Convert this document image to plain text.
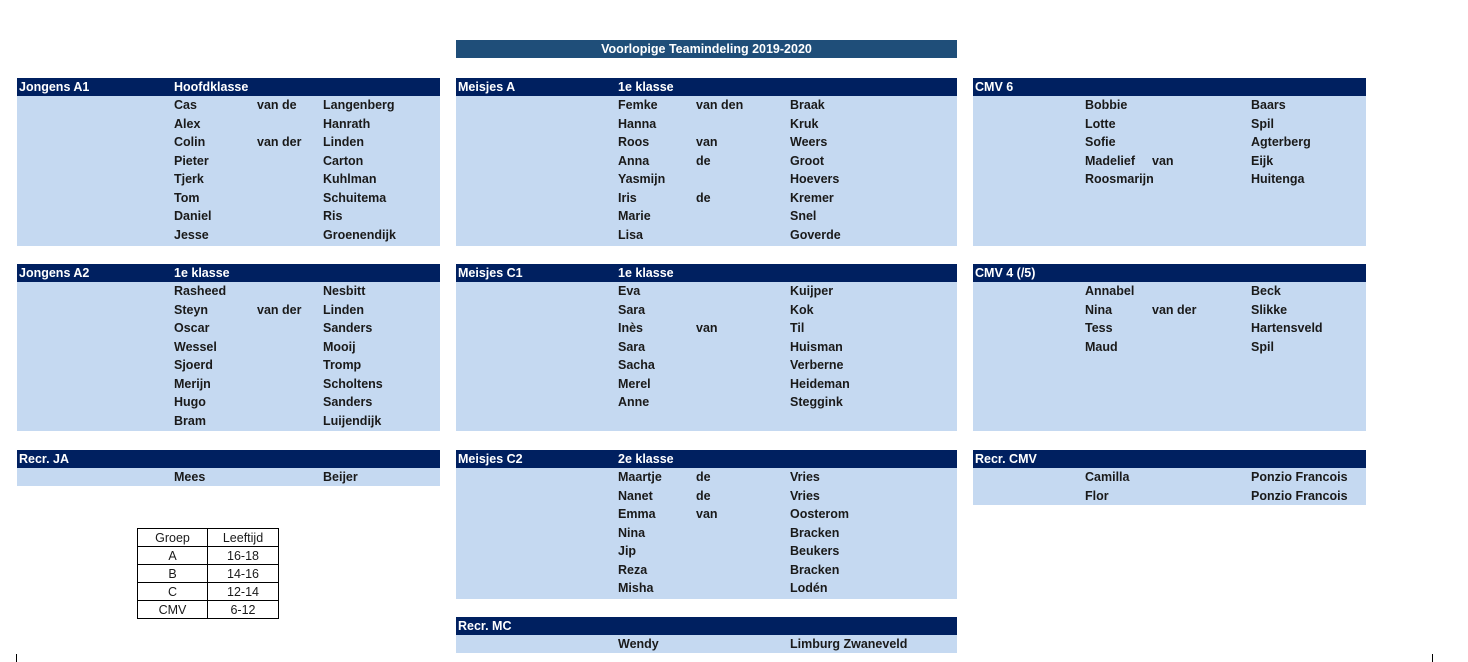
Voorlopige Teamindeling 2019-2020
Jongens A1	Hoofdklasse
Cas	van de Langenberg
Alex	Hanrath
Colin	van der Linden
Pieter	Carton
Tjerk	Kuhlman
Tom	Schuitema
Daniel	Ris
Jesse	Groenendijk
Jongens A2	1e klasse
Rasheed	Nesbitt
Steyn	van der Linden
Oscar	Sanders
Wessel	Mooij
Sjoerd	Tromp
Merijn	Scholtens
Hugo	Sanders
Bram	Luijendijk
Recr. JA
Mees	Beijer
Meisjes A	1e klasse
Femke	van den	Braak
Hanna	Kruk
Roos	van	Weers
Anna	de	Groot
Yasmijn	Hoevers
Iris	de	Kremer
Marie	Snel
Lisa	Goverde
Meisjes C1	1e klasse
Eva	Kuijper
Sara	Kok
Inès	van	Til
Sara	Huisman
Sacha	Verberne
Merel	Heideman
Anne	Steggink
Meisjes C2	2e klasse
Maartje	de	Vries
Nanet	de	Vries
Emma	van	Oosterom
Nina	Bracken
Jip	Beukers
Reza	Bracken
Misha	Lodén
Recr. MC
Wendy	Limburg Zwaneveld
CMV 6
Bobbie	Baars
Lotte	Spil
Sofie	Agterberg
Madelief van	Eijk
Roosmarijn	Huitenga
CMV 4 (/5)
Annabel	Beck
Nina	van der	Slikke
Tess	Hartensveld
Maud	Spil
Recr. CMV
Camilla	Ponzio Francois
Flor	Ponzio Francois
Groep	Leeftijd
A	16-18
B	14-16
C	12-14
CMV	6-12
